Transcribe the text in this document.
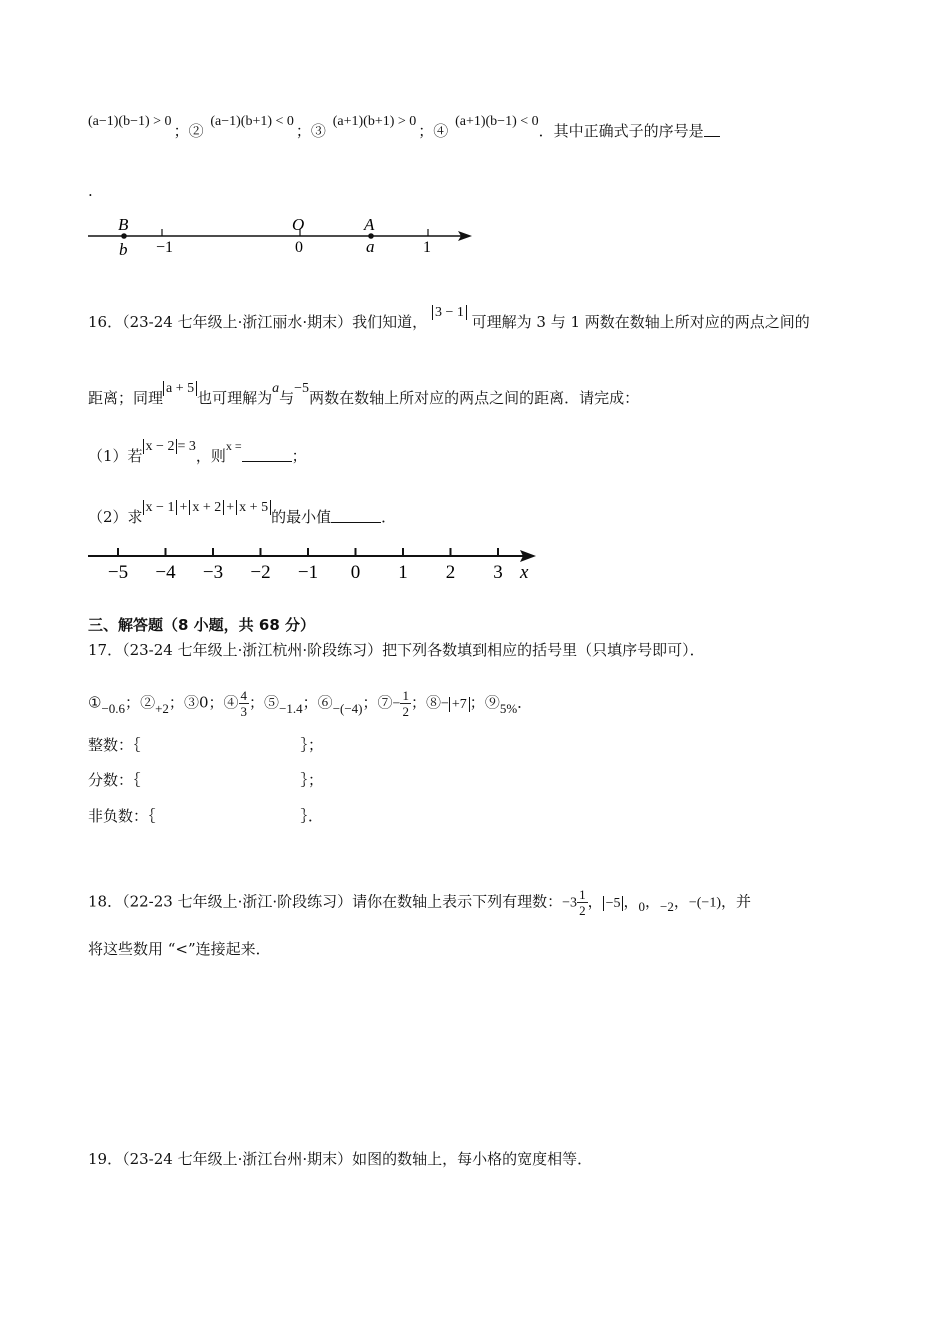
(a−1)(b−1) > 0；② (a−1)(b+1) < 0；③ (a+1)(b+1) > 0；④ (a+1)(b−1) < 0．其中正确式子的序号是
.
B	O	A
b −1	0	a	1
16．（23-24 七年级上·浙江丽水·期末）我们知道， 3 − 1 可理解为 3 与 1 两数在数轴上所对应的两点之间的
距离；同理a + 5也可理解为a与−5两数在数轴上所对应的两点之间的距离．请完成：
（1）若x − 2 = 3，则$^{x =}$；
（2）求x − 1 + x + 2 + x + 5的最小值	．
−5 −4 −3 −2 −1 0 1 2 3 x
三、解答题（8 小题，共 68 分）
17．（23-24 七年级上·浙江杭州·阶段练习）把下列各数填到相应的括号里（只填序号即可）．
①−0.6；②+2；③0；④ $\frac{4}{3}$ ；⑤−1.4；⑥−(−4)；⑦− $\frac{1}{2}$ ；⑧− +7 ；⑨5%．
整数：｛	｝；
分数：｛	｝；
非负数：｛	｝．
18．（22-23 七年级上·浙江·阶段练习）请你在数轴上表示下列有理数：$-3 \frac{1}{2}$ ， −5 ，0，−2，−(−1)，并
将这些数用 “<”连接起来．
19．（23-24 七年级上·浙江台州·期末）如图的数轴上，每小格的宽度相等．
